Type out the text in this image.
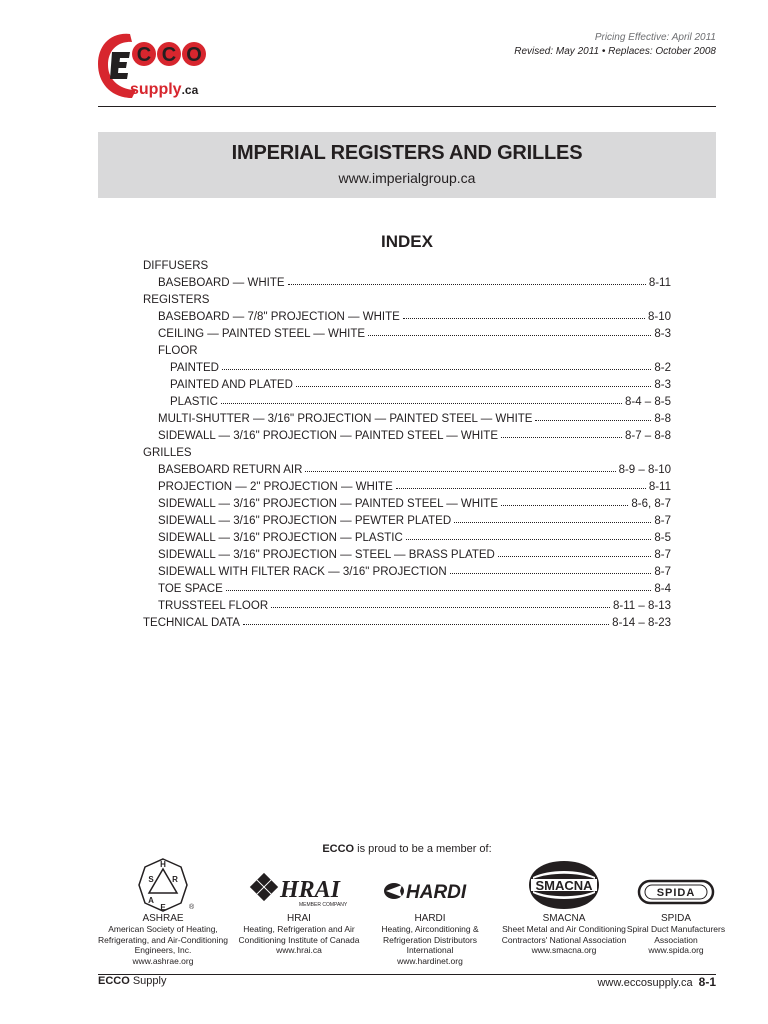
C C O
supply.ca
Pricing Effective: April 2011
Revised: May 2011 • Replaces: October 2008
IMPERIAL REGISTERS AND GRILLES
www.imperialgroup.ca
INDEX
DIFFUSERS
BASEBOARD — WHITE	8-11
REGISTERS
BASEBOARD — 7/8" PROJECTION — WHITE	8-10
CEILING — PAINTED STEEL — WHITE	8-3
FLOOR
PAINTED	8-2
PAINTED AND PLATED	8-3
PLASTIC	8-4 – 8-5
MULTI-SHUTTER — 3/16" PROJECTION — PAINTED STEEL — WHITE	8-8
SIDEWALL — 3/16" PROJECTION — PAINTED STEEL — WHITE	8-7 – 8-8
GRILLES
BASEBOARD RETURN AIR	8-9 – 8-10
PROJECTION — 2" PROJECTION — WHITE	8-11
SIDEWALL — 3/16" PROJECTION — PAINTED STEEL — WHITE	8-6, 8-7
SIDEWALL — 3/16" PROJECTION — PEWTER PLATED	8-7
SIDEWALL — 3/16" PROJECTION — PLASTIC	8-5
SIDEWALL — 3/16" PROJECTION — STEEL — BRASS PLATED	8-7
SIDEWALL WITH FILTER RACK — 3/16" PROJECTION	8-7
TOE SPACE	8-4
TRUSSTEEL FLOOR	8-11 – 8-13
TECHNICAL DATA	8-14 – 8-23
ECCO is proud to be a member of:
H
S R
A
E	®
ASHRAE
American Society of Heating, Refrigerating, and Air-Conditioning Engineers, Inc.
www.ashrae.org
HRAI
MEMBER COMPANY
HRAI
Heating, Refrigeration and Air Conditioning Institute of Canada
www.hrai.ca
HARDI
HARDI
Heating, Airconditioning & Refrigeration Distributors International
www.hardinet.org
SMACNA
SMACNA
Sheet Metal and Air Conditioning Contractors' National Association
www.smacna.org
SPIDA
SPIDA
Spiral Duct Manufacturers Association
www.spida.org
ECCO Supply	www.eccosupply.ca 8-1
